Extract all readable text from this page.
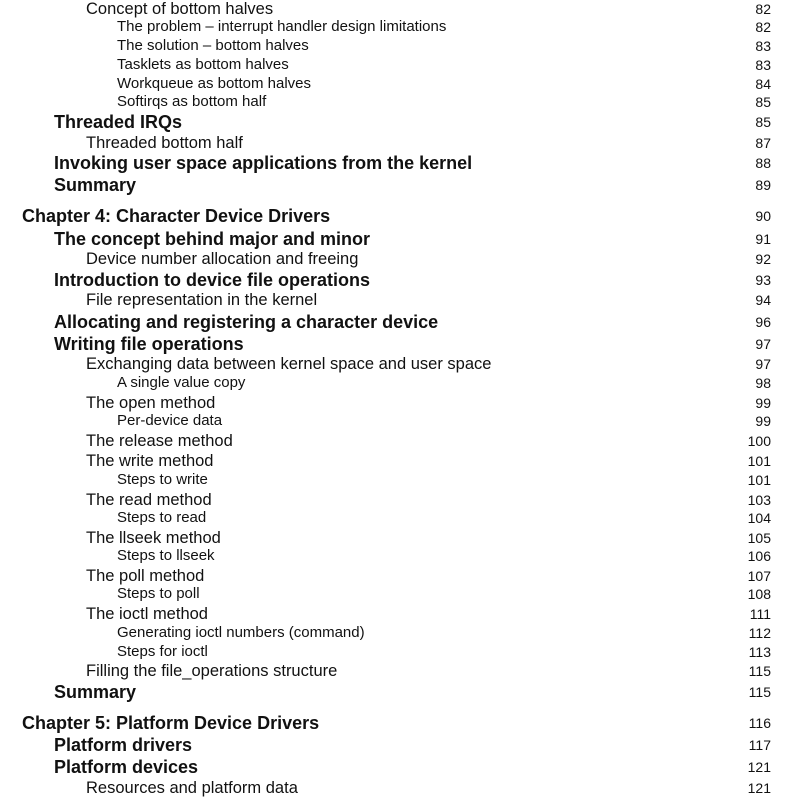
Concept of bottom halves	82
The problem – interrupt handler design limitations	82
The solution – bottom halves	83
Tasklets as bottom halves	83
Workqueue as bottom halves	84
Softirqs as bottom half	85
Threaded IRQs	85
Threaded bottom half	87
Invoking user space applications from the kernel	88
Summary	89
Chapter 4: Character Device Drivers	90
The concept behind major and minor	91
Device number allocation and freeing	92
Introduction to device file operations	93
File representation in the kernel	94
Allocating and registering a character device	96
Writing file operations	97
Exchanging data between kernel space and user space	97
A single value copy	98
The open method	99
Per-device data	99
The release method	100
The write method	101
Steps to write	101
The read method	103
Steps to read	104
The llseek method	105
Steps to llseek	106
The poll method	107
Steps to poll	108
The ioctl method	111
Generating ioctl numbers (command)	112
Steps for ioctl	113
Filling the file_operations structure	115
Summary	115
Chapter 5: Platform Device Drivers	116
Platform drivers	117
Platform devices	121
Resources and platform data	121
